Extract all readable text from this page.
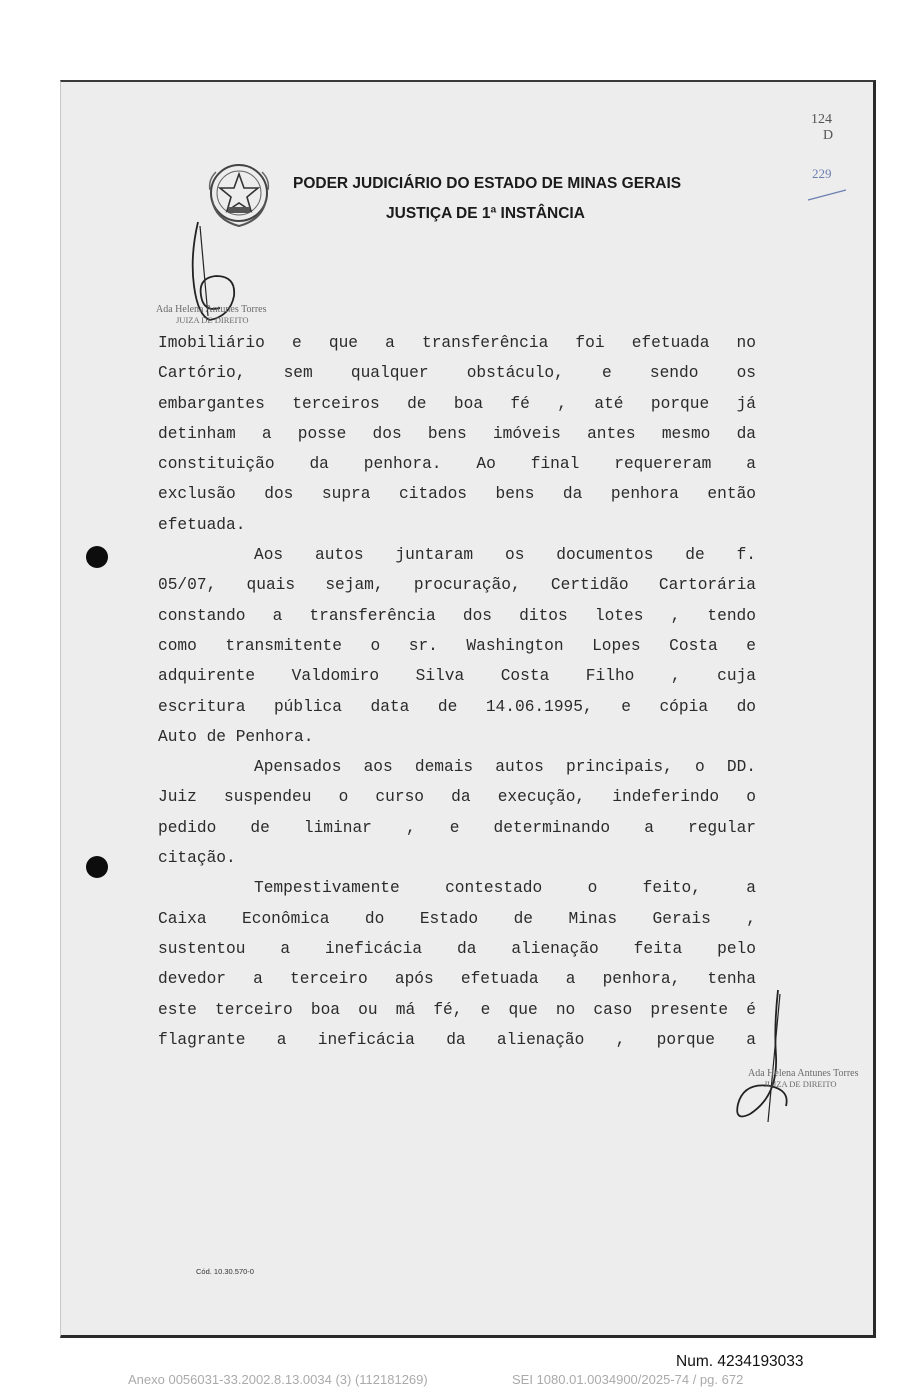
PODER JUDICIÁRIO DO ESTADO DE MINAS GERAIS
JUSTIÇA DE 1ª INSTÂNCIA
124
D
229
Ada Helena Antunes Torres
JUIZA DE DIREITO
Imobiliário e que a transferência foi efetuada no
Cartório, sem qualquer obstáculo, e sendo os
embargantes terceiros de boa fé , até porque já
detinham a posse dos bens imóveis antes mesmo da
constituição da penhora. Ao final requereram a
exclusão dos supra citados bens da penhora então
efetuada.
Aos autos juntaram os documentos de f.
05/07, quais sejam, procuração, Certidão Cartorária
constando a transferência dos ditos lotes , tendo
como transmitente o sr. Washington Lopes Costa e
adquirente Valdomiro Silva Costa Filho , cuja
escritura pública data de 14.06.1995, e cópia do
Auto de Penhora.
Apensados aos demais autos principais, o DD.
Juiz suspendeu o curso da execução, indeferindo o
pedido de liminar , e determinando a regular
citação.
Tempestivamente contestado o feito, a
Caixa Econômica do Estado de Minas Gerais ,
sustentou a ineficácia da alienação feita pelo
devedor a terceiro após efetuada a penhora, tenha
este terceiro boa ou má fé, e que no caso presente é
flagrante a ineficácia da alienação , porque a
Ada Helena Antunes Torres
JUIZA DE DIREITO
Cód. 10.30.570-0
Num. 4234193033
Anexo 0056031-33.2002.8.13.0034 (3) (112181269)	SEI 1080.01.0034900/2025-74 / pg. 672
